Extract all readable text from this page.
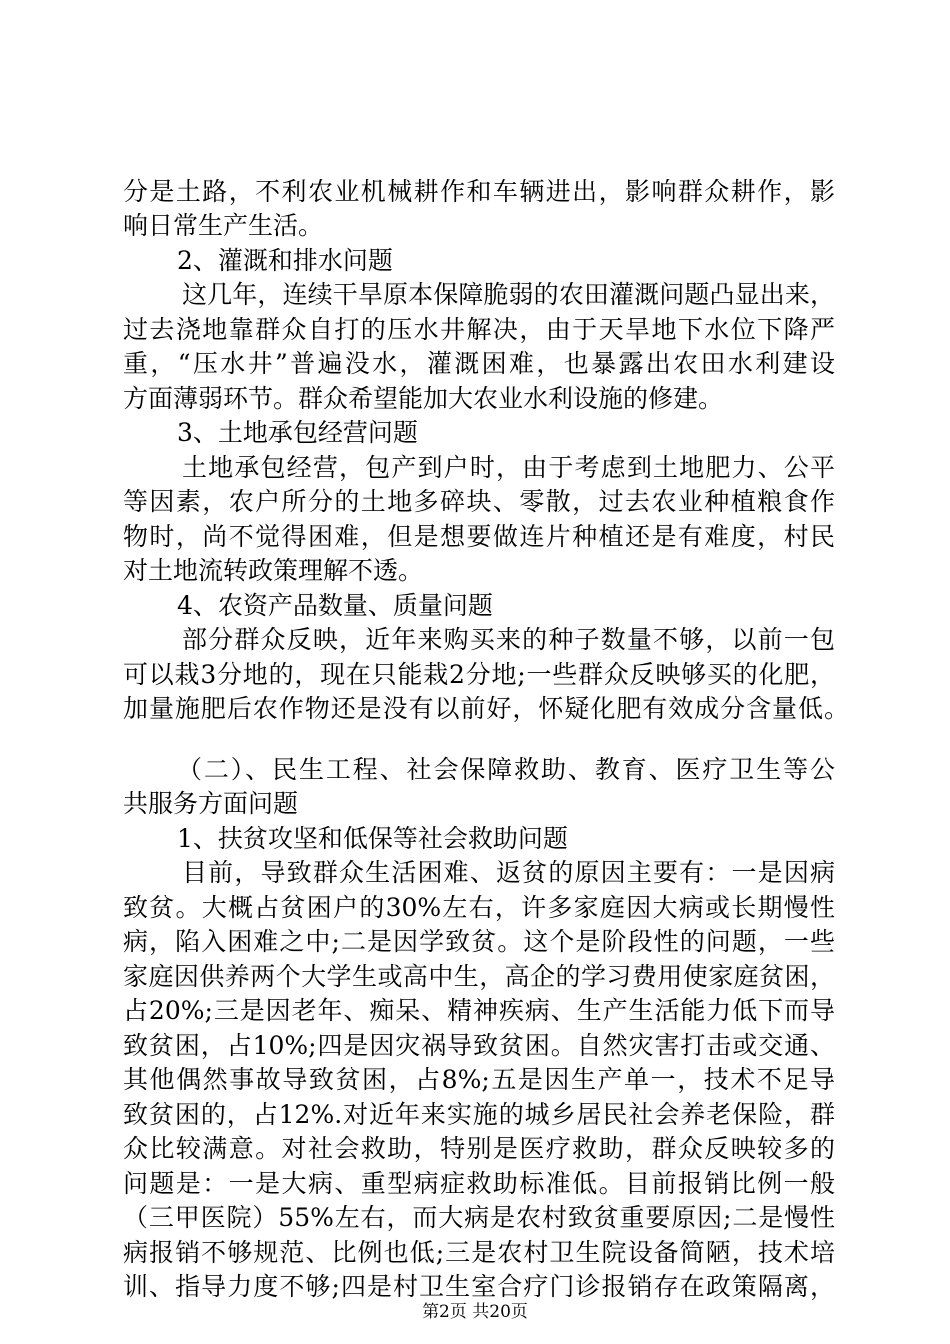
分是土路，不利农业机械耕作和车辆进出，影响群众耕作，影
响日常生产生活。
2、灌溉和排水问题
这几年，连续干旱原本保障脆弱的农田灌溉问题凸显出来，
过去浇地靠群众自打的压水井解决，由于天旱地下水位下降严
重，“压水井”普遍没水，灌溉困难，也暴露出农田水利建设
方面薄弱环节。群众希望能加大农业水利设施的修建。
3、土地承包经营问题
土地承包经营，包产到户时，由于考虑到土地肥力、公平
等因素，农户所分的土地多碎块、零散，过去农业种植粮食作
物时，尚不觉得困难，但是想要做连片种植还是有难度，村民
对土地流转政策理解不透。
4、农资产品数量、质量问题
部分群众反映，近年来购买来的种子数量不够，以前一包
可以栽3分地的，现在只能栽2分地;一些群众反映够买的化肥，
加量施肥后农作物还是没有以前好，怀疑化肥有效成分含量低。
（二）、民生工程、社会保障救助、教育、医疗卫生等公
共服务方面问题
1、扶贫攻坚和低保等社会救助问题
目前，导致群众生活困难、返贫的原因主要有：一是因病
致贫。大概占贫困户的30%左右，许多家庭因大病或长期慢性
病，陷入困难之中;二是因学致贫。这个是阶段性的问题，一些
家庭因供养两个大学生或高中生，高企的学习费用使家庭贫困，
占20%;三是因老年、痴呆、精神疾病、生产生活能力低下而导
致贫困，占10%;四是因灾祸导致贫困。自然灾害打击或交通、
其他偶然事故导致贫困，占8%;五是因生产单一，技术不足导
致贫困的，占12%.对近年来实施的城乡居民社会养老保险，群
众比较满意。对社会救助，特别是医疗救助，群众反映较多的
问题是：一是大病、重型病症救助标准低。目前报销比例一般
（三甲医院）55%左右，而大病是农村致贫重要原因;二是慢性
病报销不够规范、比例也低;三是农村卫生院设备简陋，技术培
训、指导力度不够;四是村卫生室合疗门诊报销存在政策隔离，
第2页 共20页
